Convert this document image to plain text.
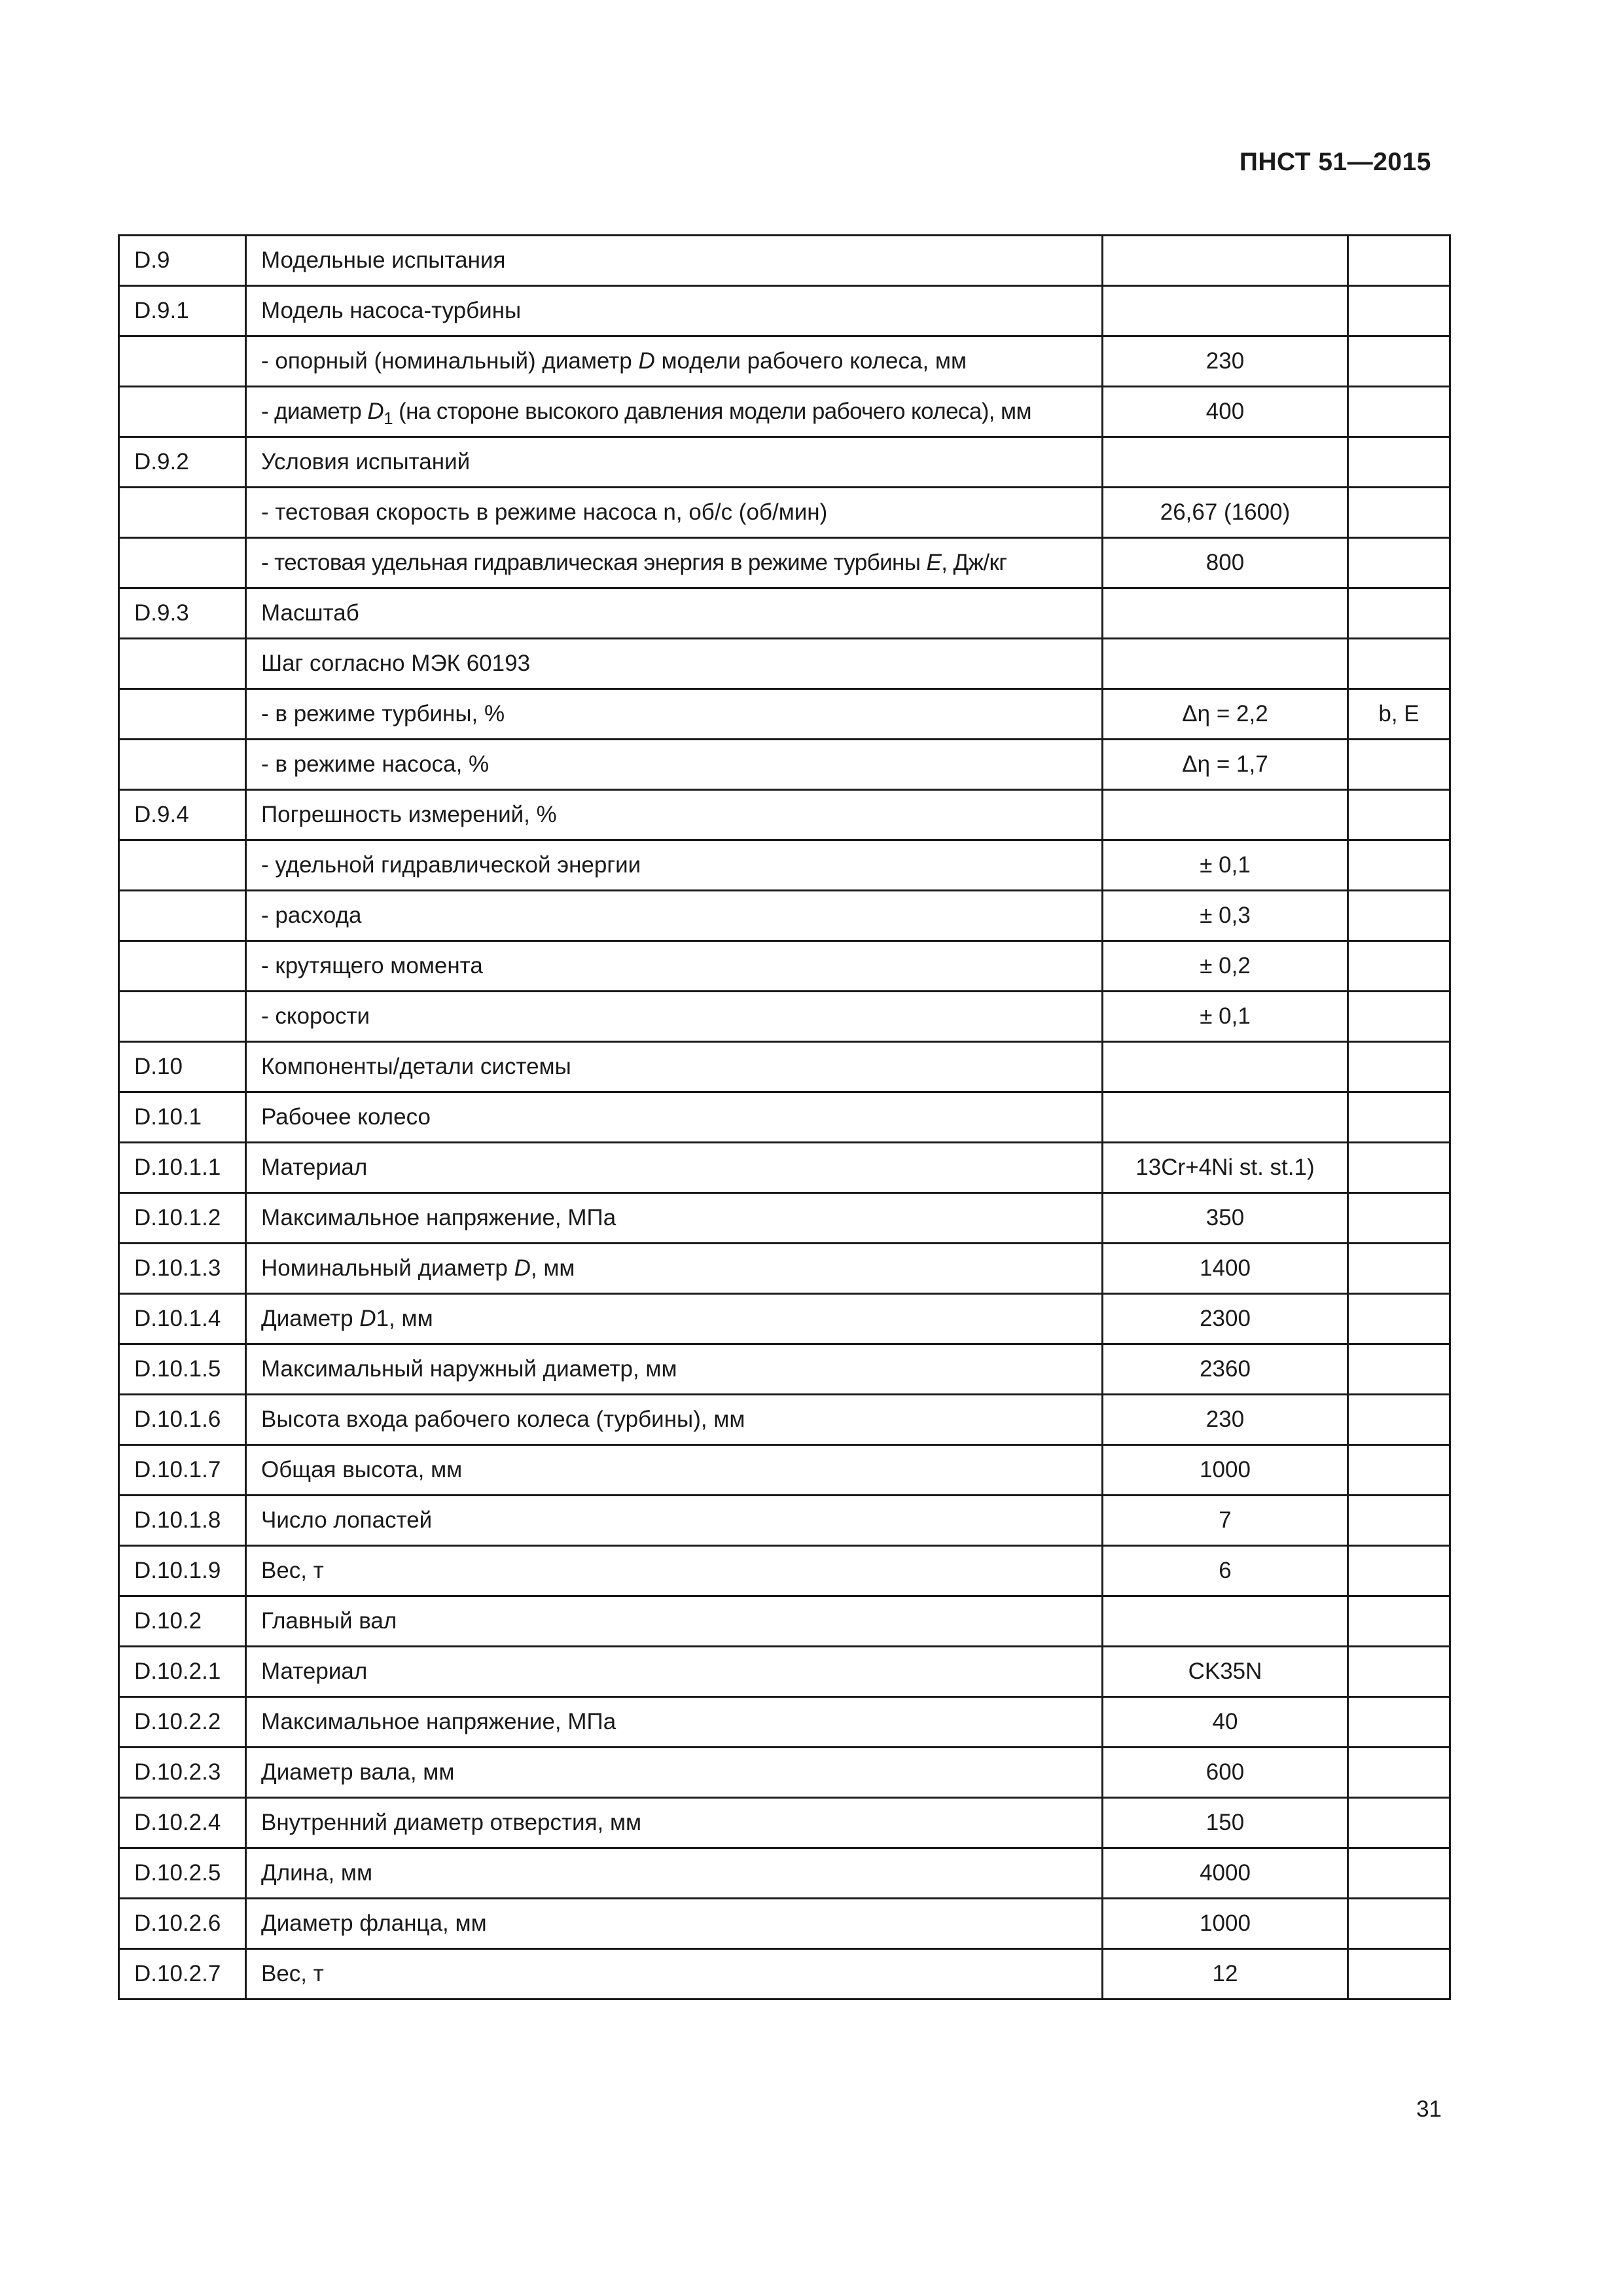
ПНСТ 51—2015
D.9	Модельные испытания		
D.9.1	Модель насоса-турбины		
	- опорный (номинальный) диаметр D модели рабочего колеса, мм	230	
	- диаметр $D_1$ (на стороне высокого давления модели рабочего колеса), мм	400	
D.9.2	Условия испытаний		
	- тестовая скорость в режиме насоса n, об/с (об/мин)	26,67 (1600)	
	- тестовая удельная гидравлическая энергия в режиме турбины E, Дж/кг	800	
D.9.3	Масштаб		
	Шаг согласно МЭК 60193		
	- в режиме турбины, %	Δη = 2,2	b, E
	- в режиме насоса, %	Δη = 1,7	
D.9.4	Погрешность измерений, %		
	- удельной гидравлической энергии	± 0,1	
	- расхода	± 0,3	
	- крутящего момента	± 0,2	
	- скорости	± 0,1	
D.10	Компоненты/детали системы		
D.10.1	Рабочее колесо		
D.10.1.1	Материал	13Cr+4Ni st. st.1)	
D.10.1.2	Максимальное напряжение, МПа	350	
D.10.1.3	Номинальный диаметр D, мм	1400	
D.10.1.4	Диаметр D1, мм	2300	
D.10.1.5	Максимальный наружный диаметр, мм	2360	
D.10.1.6	Высота входа рабочего колеса (турбины), мм	230	
D.10.1.7	Общая высота, мм	1000	
D.10.1.8	Число лопастей	7	
D.10.1.9	Вес, т	6	
D.10.2	Главный вал		
D.10.2.1	Материал	CK35N	
D.10.2.2	Максимальное напряжение, МПа	40	
D.10.2.3	Диаметр вала, мм	600	
D.10.2.4	Внутренний диаметр отверстия, мм	150	
D.10.2.5	Длина, мм	4000	
D.10.2.6	Диаметр фланца, мм	1000	
D.10.2.7	Вес, т	12	
31
